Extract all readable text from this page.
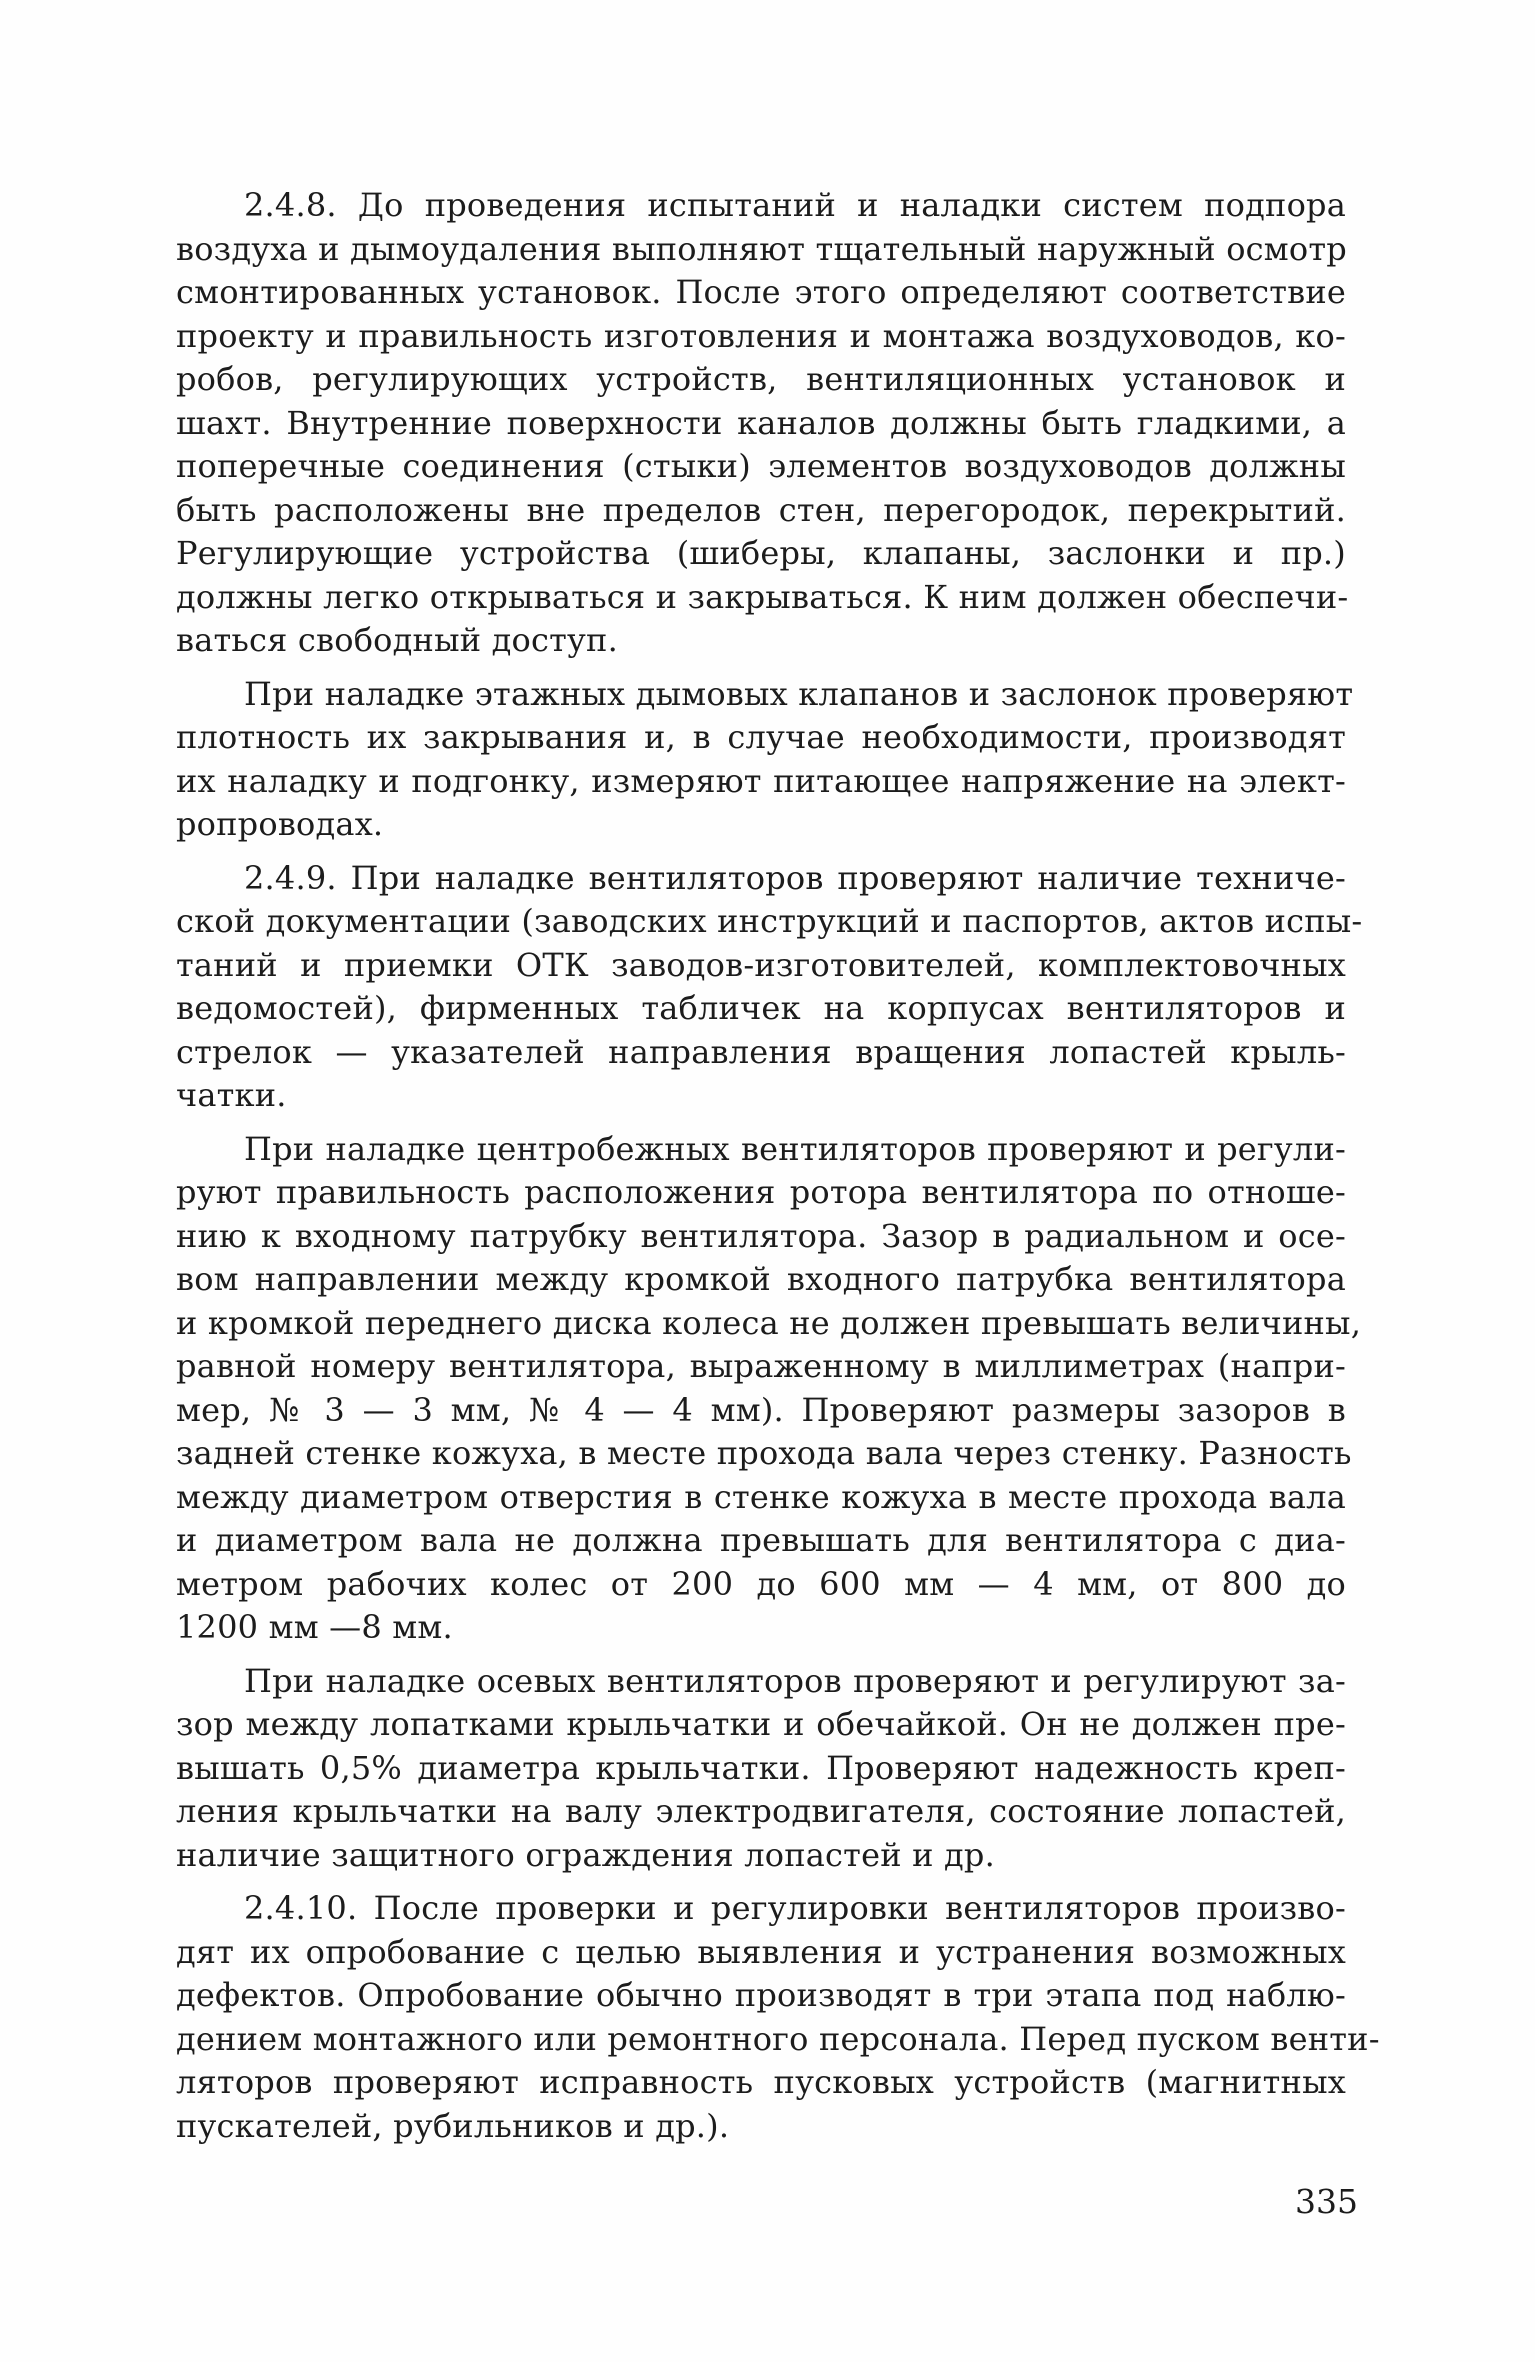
2.4.8. До проведения испытаний и наладки систем подпора
воздуха и дымоудаления выполняют тщательный наружный осмотр
смонтированных установок. После этого определяют соответствие
проекту и правильность изготовления и монтажа воздуховодов, ко-
робов, регулирующих устройств, вентиляционных установок и
шахт. Внутренние поверхности каналов должны быть гладкими, а
поперечные соединения (стыки) элементов воздуховодов должны
быть расположены вне пределов стен, перегородок, перекрытий.
Регулирующие устройства (шиберы, клапаны, заслонки и пр.)
должны легко открываться и закрываться. К ним должен обеспечи-
ваться свободный доступ.
При наладке этажных дымовых клапанов и заслонок проверяют
плотность их закрывания и, в случае необходимости, производят
их наладку и подгонку, измеряют питающее напряжение на элект-
ропроводах.
2.4.9. При наладке вентиляторов проверяют наличие техниче-
ской документации (заводских инструкций и паспортов, актов испы-
таний и приемки ОТК заводов-изготовителей, комплектовочных
ведомостей), фирменных табличек на корпусах вентиляторов и
стрелок — указателей направления вращения лопастей крыль-
чатки.
При наладке центробежных вентиляторов проверяют и регули-
руют правильность расположения ротора вентилятора по отноше-
нию к входному патрубку вентилятора. Зазор в радиальном и осе-
вом направлении между кромкой входного патрубка вентилятора
и кромкой переднего диска колеса не должен превышать величины,
равной номеру вентилятора, выраженному в миллиметрах (напри-
мер, № 3 — 3 мм, № 4 — 4 мм). Проверяют размеры зазоров в
задней стенке кожуха, в месте прохода вала через стенку. Разность
между диаметром отверстия в стенке кожуха в месте прохода вала
и диаметром вала не должна превышать для вентилятора с диа-
метром рабочих колес от 200 до 600 мм — 4 мм, от 800 до
1200 мм —8 мм.
При наладке осевых вентиляторов проверяют и регулируют за-
зор между лопатками крыльчатки и обечайкой. Он не должен пре-
вышать 0,5% диаметра крыльчатки. Проверяют надежность креп-
ления крыльчатки на валу электродвигателя, состояние лопастей,
наличие защитного ограждения лопастей и др.
2.4.10. После проверки и регулировки вентиляторов произво-
дят их опробование с целью выявления и устранения возможных
дефектов. Опробование обычно производят в три этапа под наблю-
дением монтажного или ремонтного персонала. Перед пуском венти-
ляторов проверяют исправность пусковых устройств (магнитных
пускателей, рубильников и др.).
335
